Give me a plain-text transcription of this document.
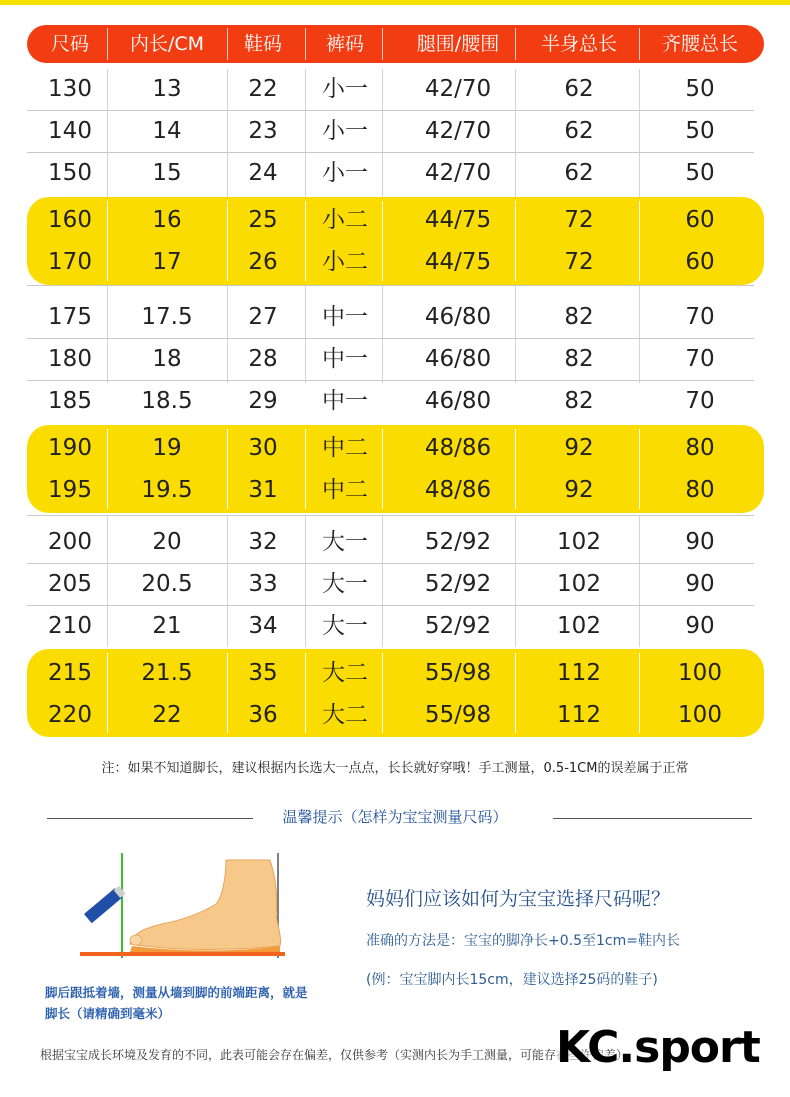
尺码	内长/CM	鞋码	裤码	腿围/腰围	半身总长	齐腰总长
130	13	22	小一	42/70	62	50
140	14	23	小一	42/70	62	50
150	15	24	小一	42/70	62	50
160	16	25	小二	44/75	72	60
170	17	26	小二	44/75	72	60
175	17.5	27	中一	46/80	82	70
180	18	28	中一	46/80	82	70
185	18.5	29	中一	46/80	82	70
190	19	30	中二	48/86	92	80
195	19.5	31	中二	48/86	92	80
200	20	32	大一	52/92	102	90
205	20.5	33	大一	52/92	102	90
210	21	34	大一	52/92	102	90
215	21.5	35	大二	55/98	112	100
220	22	36	大二	55/98	112	100
注：如果不知道脚长，建议根据内长选大一点点，长长就好穿哦！手工测量，0.5-1CM的误差属于正常
温馨提示（怎样为宝宝测量尺码）
脚后跟抵着墙，测量从墙到脚的前端距离，就是
脚长（请精确到毫米）
妈妈们应该如何为宝宝选择尺码呢？
准确的方法是：宝宝的脚净长+0.5至1cm=鞋内长
(例：宝宝脚内长15cm，建议选择25码的鞋子)
根据宝宝成长环境及发育的不同，此表可能会存在偏差，仅供参考（实测内长为手工测量，可能存在些许偏差）
KC.sport
